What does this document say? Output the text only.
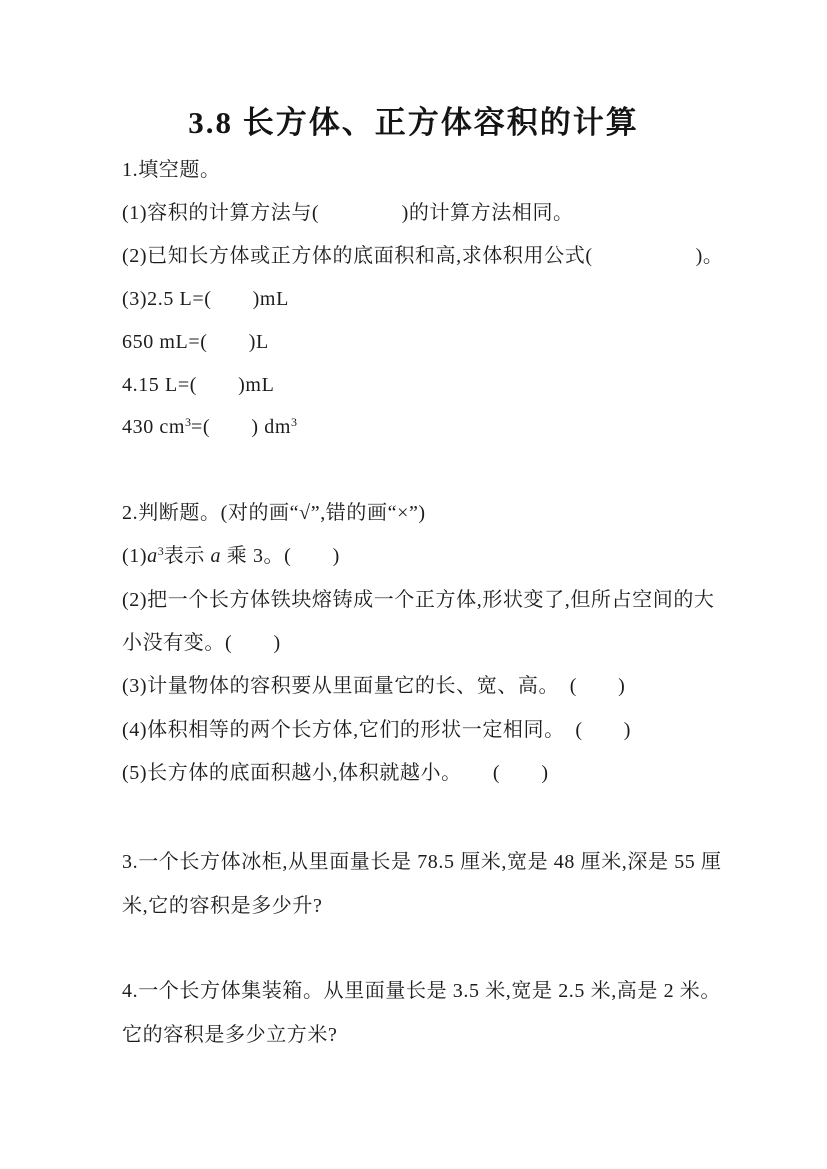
3.8 长方体、正方体容积的计算
1.填空题。
(1)容积的计算方法与(　　　　)的计算方法相同。
(2)已知长方体或正方体的底面积和高,求体积用公式(　　　　　)。
(3)2.5 L=(　　)mL
650 mL=(　　)L
4.15 L=(　　)mL
430 $cm^3=$(　　) $dm^3$
2.判断题。(对的画“√”,错的画“×”)
$(1)a^3$表示 a 乘 3。(　　)
(2)把一个长方体铁块熔铸成一个正方体,形状变了,但所占空间的大
小没有变。(　　)
(3)计量物体的容积要从里面量它的长、宽、高。　(　　)
(4)体积相等的两个长方体,它们的形状一定相同。　(　　)
(5)长方体的底面积越小,体积就越小。　　(　　)
3.一个长方体冰柜,从里面量长是 78.5 厘米,宽是 48 厘米,深是 55 厘
米,它的容积是多少升?
4.一个长方体集装箱。从里面量长是 3.5 米,宽是 2.5 米,高是 2 米。
它的容积是多少立方米?
